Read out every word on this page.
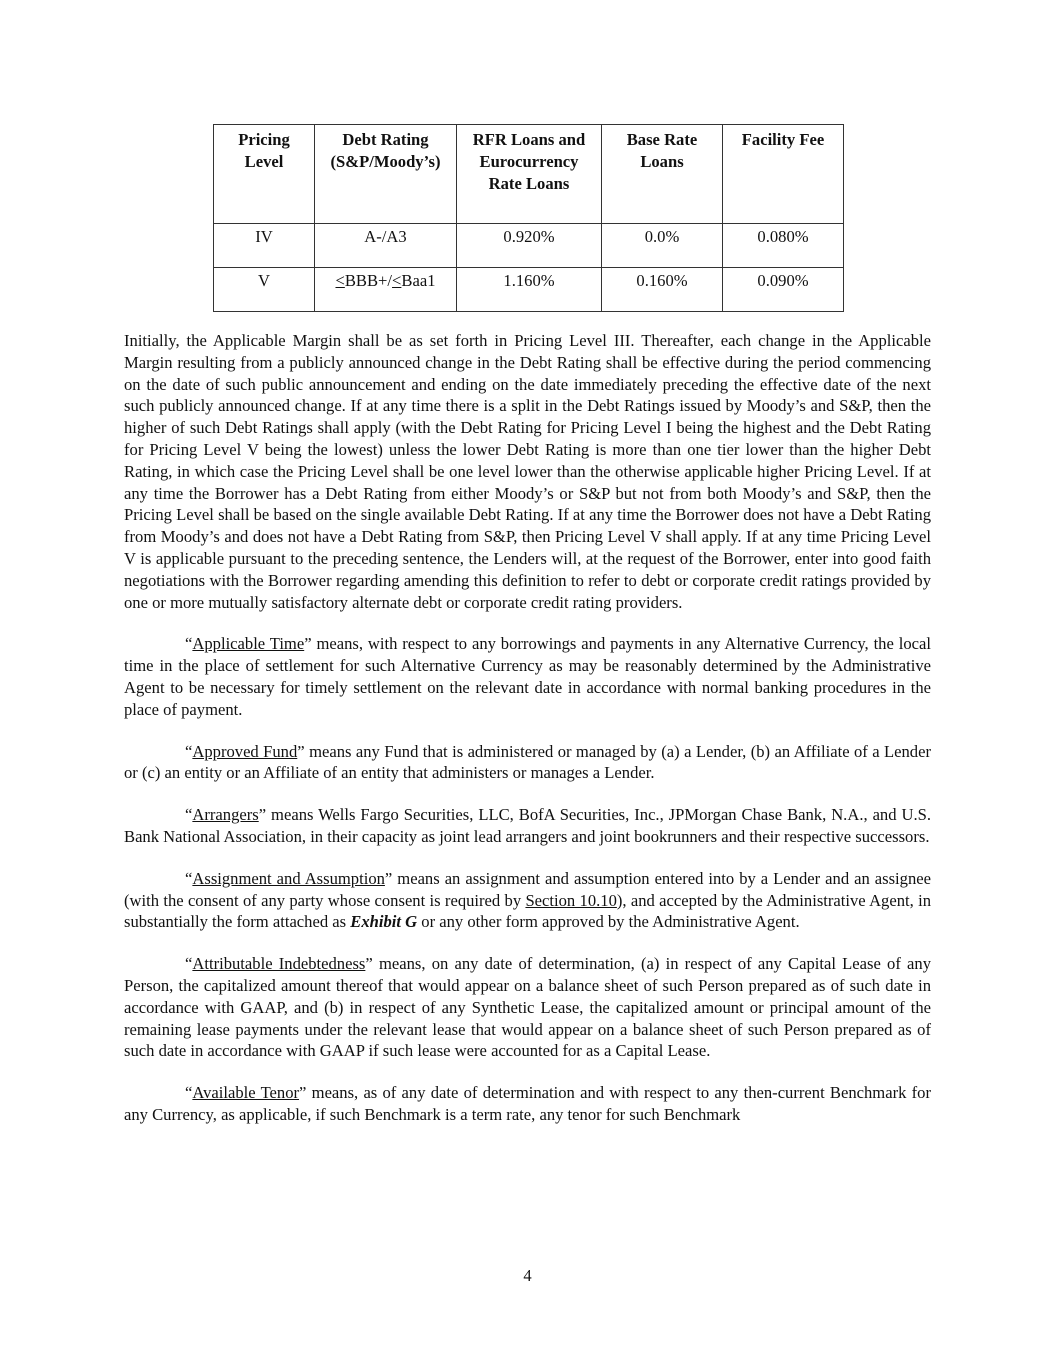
Pricing Level	Debt Rating (S&P/Moody’s)	RFR Loans and Eurocurrency Rate Loans	Base Rate Loans	Facility Fee
IV	A-/A3	0.920%	0.0%	0.080%
V	<BBB+/<Baa1	1.160%	0.160%	0.090%

Initially, the Applicable Margin shall be as set forth in Pricing Level III. Thereafter, each change in the Applicable Margin resulting from a publicly announced change in the Debt Rating shall be effective during the period commencing on the date of such public announcement and ending on the date immediately preceding the effective date of the next such publicly announced change. If at any time there is a split in the Debt Ratings issued by Moody’s and S&P, then the higher of such Debt Ratings shall apply (with the Debt Rating for Pricing Level I being the highest and the Debt Rating for Pricing Level V being the lowest) unless the lower Debt Rating is more than one tier lower than the higher Debt Rating, in which case the Pricing Level shall be one level lower than the otherwise applicable higher Pricing Level. If at any time the Borrower has a Debt Rating from either Moody’s or S&P but not from both Moody’s and S&P, then the Pricing Level shall be based on the single available Debt Rating. If at any time the Borrower does not have a Debt Rating from Moody’s and does not have a Debt Rating from S&P, then Pricing Level V shall apply. If at any time Pricing Level V is applicable pursuant to the preceding sentence, the Lenders will, at the request of the Borrower, enter into good faith negotiations with the Borrower regarding amending this definition to refer to debt or corporate credit ratings provided by one or more mutually satisfactory alternate debt or corporate credit rating providers.

“Applicable Time” means, with respect to any borrowings and payments in any Alternative Currency, the local time in the place of settlement for such Alternative Currency as may be reasonably determined by the Administrative Agent to be necessary for timely settlement on the relevant date in accordance with normal banking procedures in the place of payment.

“Approved Fund” means any Fund that is administered or managed by (a) a Lender, (b) an Affiliate of a Lender or (c) an entity or an Affiliate of an entity that administers or manages a Lender.

“Arrangers” means Wells Fargo Securities, LLC, BofA Securities, Inc., JPMorgan Chase Bank, N.A., and U.S. Bank National Association, in their capacity as joint lead arrangers and joint bookrunners and their respective successors.

“Assignment and Assumption” means an assignment and assumption entered into by a Lender and an assignee (with the consent of any party whose consent is required by Section 10.10), and accepted by the Administrative Agent, in substantially the form attached as Exhibit G or any other form approved by the Administrative Agent.

“Attributable Indebtedness” means, on any date of determination, (a) in respect of any Capital Lease of any Person, the capitalized amount thereof that would appear on a balance sheet of such Person prepared as of such date in accordance with GAAP, and (b) in respect of any Synthetic Lease, the capitalized amount or principal amount of the remaining lease payments under the relevant lease that would appear on a balance sheet of such Person prepared as of such date in accordance with GAAP if such lease were accounted for as a Capital Lease.

“Available Tenor” means, as of any date of determination and with respect to any then-current Benchmark for any Currency, as applicable, if such Benchmark is a term rate, any tenor for such Benchmark

4
